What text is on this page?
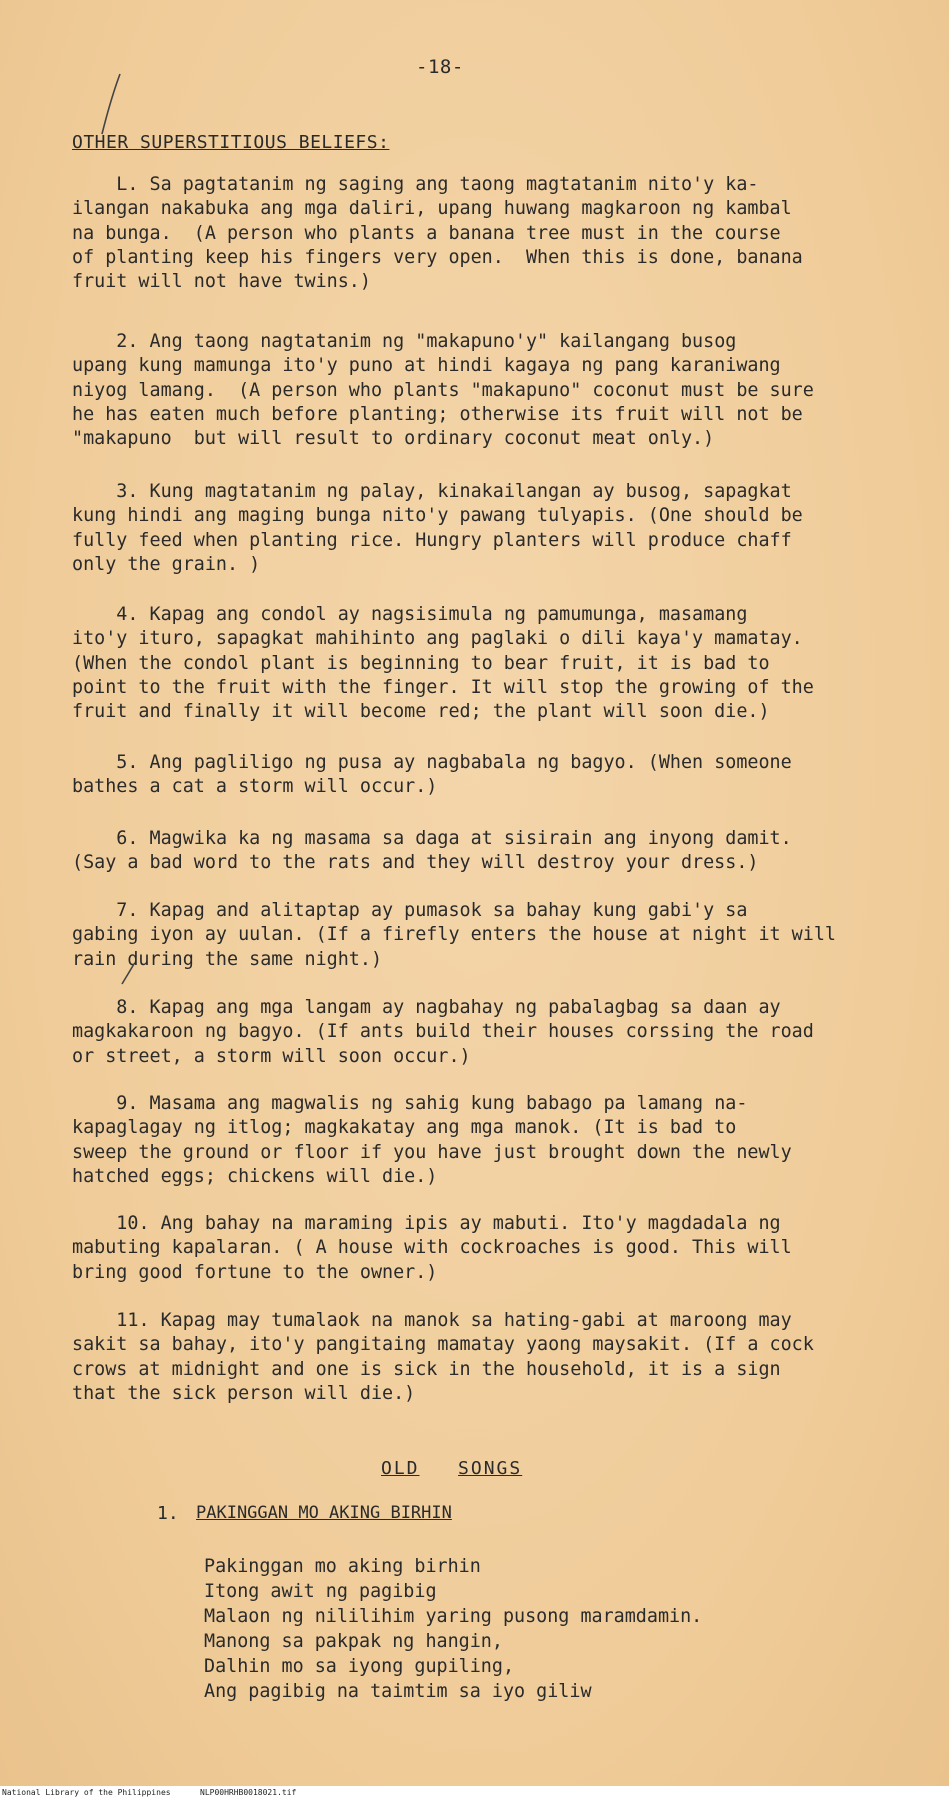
-18-
OTHER SUPERSTITIOUS BELIEFS:
L. Sa pagtatanim ng saging ang taong magtatanim nito'y ka-
ilangan nakabuka ang mga daliri, upang huwang magkaroon ng kambal
na bunga.  (A person who plants a banana tree must in the course
of planting keep his fingers very open.  When this is done, banana
fruit will not have twins.)
2. Ang taong nagtatanim ng "makapuno'y" kailangang busog
upang kung mamunga ito'y puno at hindi kagaya ng pang karaniwang
niyog lamang.  (A person who plants "makapuno" coconut must be sure
he has eaten much before planting; otherwise its fruit will not be
"makapuno  but will result to ordinary coconut meat only.)
3. Kung magtatanim ng palay, kinakailangan ay busog, sapagkat
kung hindi ang maging bunga nito'y pawang tulyapis. (One should be
fully feed when planting rice. Hungry planters will produce chaff
only the grain. )
4. Kapag ang condol ay nagsisimula ng pamumunga, masamang
ito'y ituro, sapagkat mahihinto ang paglaki o dili kaya'y mamatay.
(When the condol plant is beginning to bear fruit, it is bad to
point to the fruit with the finger. It will stop the growing of the
fruit and finally it will become red; the plant will soon die.)
5. Ang pagliligo ng pusa ay nagbabala ng bagyo. (When someone
bathes a cat a storm will occur.)
6. Magwika ka ng masama sa daga at sisirain ang inyong damit.
(Say a bad word to the rats and they will destroy your dress.)
7. Kapag and alitaptap ay pumasok sa bahay kung gabi'y sa
gabing iyon ay uulan. (If a firefly enters the house at night it will
rain during the same night.)
8. Kapag ang mga langam ay nagbahay ng pabalagbag sa daan ay
magkakaroon ng bagyo. (If ants build their houses corssing the road
or street, a storm will soon occur.)
9. Masama ang magwalis ng sahig kung babago pa lamang na-
kapaglagay ng itlog; magkakatay ang mga manok. (It is bad to
sweep the ground or floor if you have just brought down the newly
hatched eggs; chickens will die.)
10. Ang bahay na maraming ipis ay mabuti. Ito'y magdadala ng
mabuting kapalaran. ( A house with cockroaches is good. This will
bring good fortune to the owner.)
11. Kapag may tumalaok na manok sa hating-gabi at maroong may
sakit sa bahay, ito'y pangitaing mamatay yaong maysakit. (If a cock
crows at midnight and one is sick in the household, it is a sign
that the sick person will die.)
OLD SONGS
1. PAKINGGAN MO AKING BIRHIN
Pakinggan mo aking birhin
Itong awit ng pagibig
Malaon ng nililihim yaring pusong maramdamin.
Manong sa pakpak ng hangin,
Dalhin mo sa iyong gupiling,
Ang pagibig na taimtim sa iyo giliw
National Library of the Philippines	NLP00HRHB0018021.tif
